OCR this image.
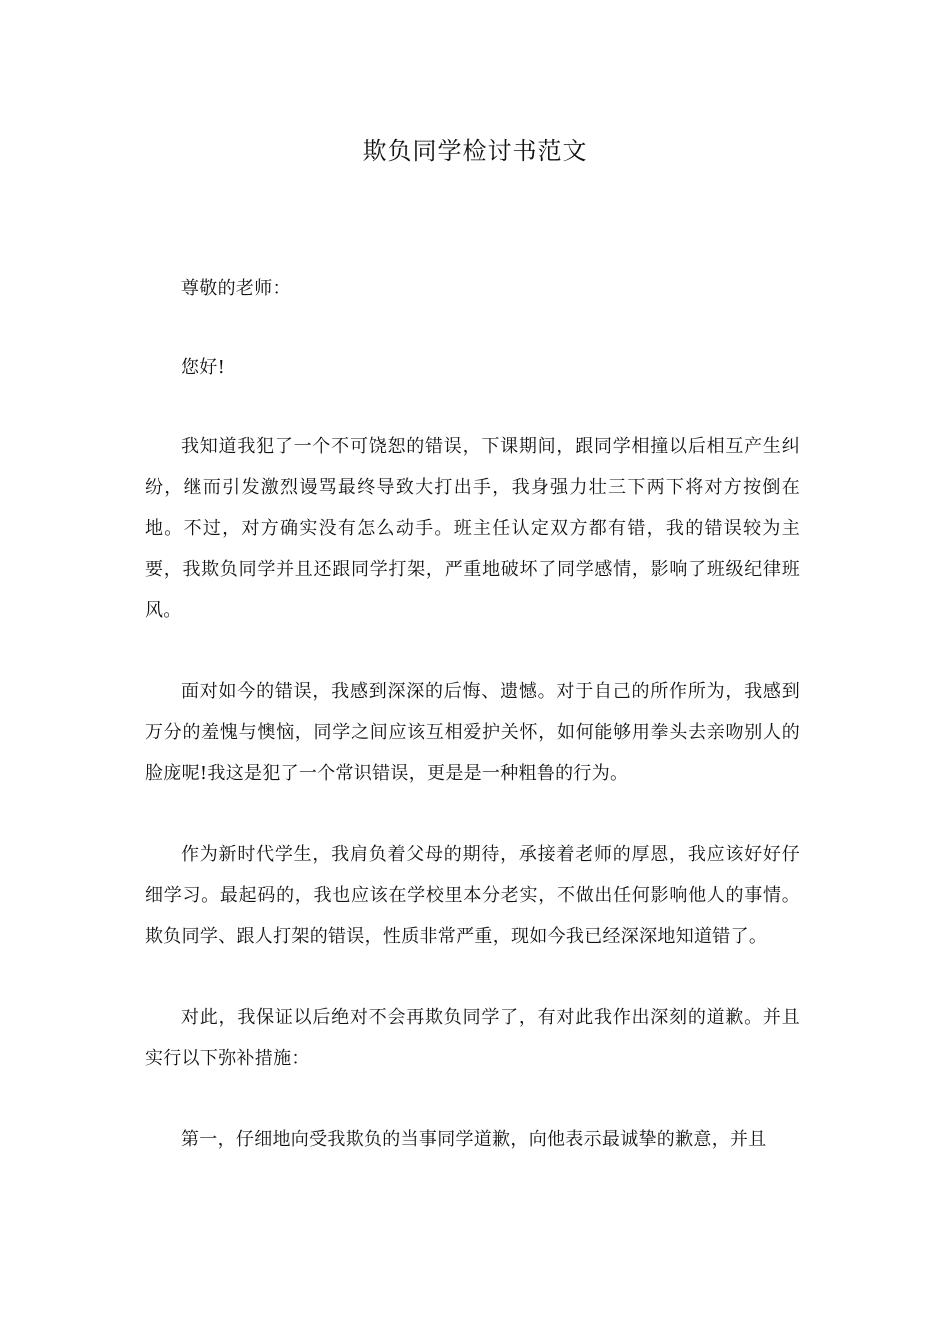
欺负同学检讨书范文

尊敬的老师：

您好!

我知道我犯了一个不可饶恕的错误，下课期间，跟同学相撞以后相互产生纠纷，继而引发激烈谩骂最终导致大打出手，我身强力壮三下两下将对方按倒在地。不过，对方确实没有怎么动手。班主任认定双方都有错，我的错误较为主要，我欺负同学并且还跟同学打架，严重地破坏了同学感情，影响了班级纪律班风。

面对如今的错误，我感到深深的后悔、遗憾。对于自己的所作所为，我感到万分的羞愧与懊恼，同学之间应该互相爱护关怀，如何能够用拳头去亲吻别人的脸庞呢!我这是犯了一个常识错误，更是是一种粗鲁的行为。

作为新时代学生，我肩负着父母的期待，承接着老师的厚恩，我应该好好仔细学习。最起码的，我也应该在学校里本分老实，不做出任何影响他人的事情。欺负同学、跟人打架的错误，性质非常严重，现如今我已经深深地知道错了。

对此，我保证以后绝对不会再欺负同学了，有对此我作出深刻的道歉。并且实行以下弥补措施：

第一，仔细地向受我欺负的当事同学道歉，向他表示最诚挚的歉意，并且
